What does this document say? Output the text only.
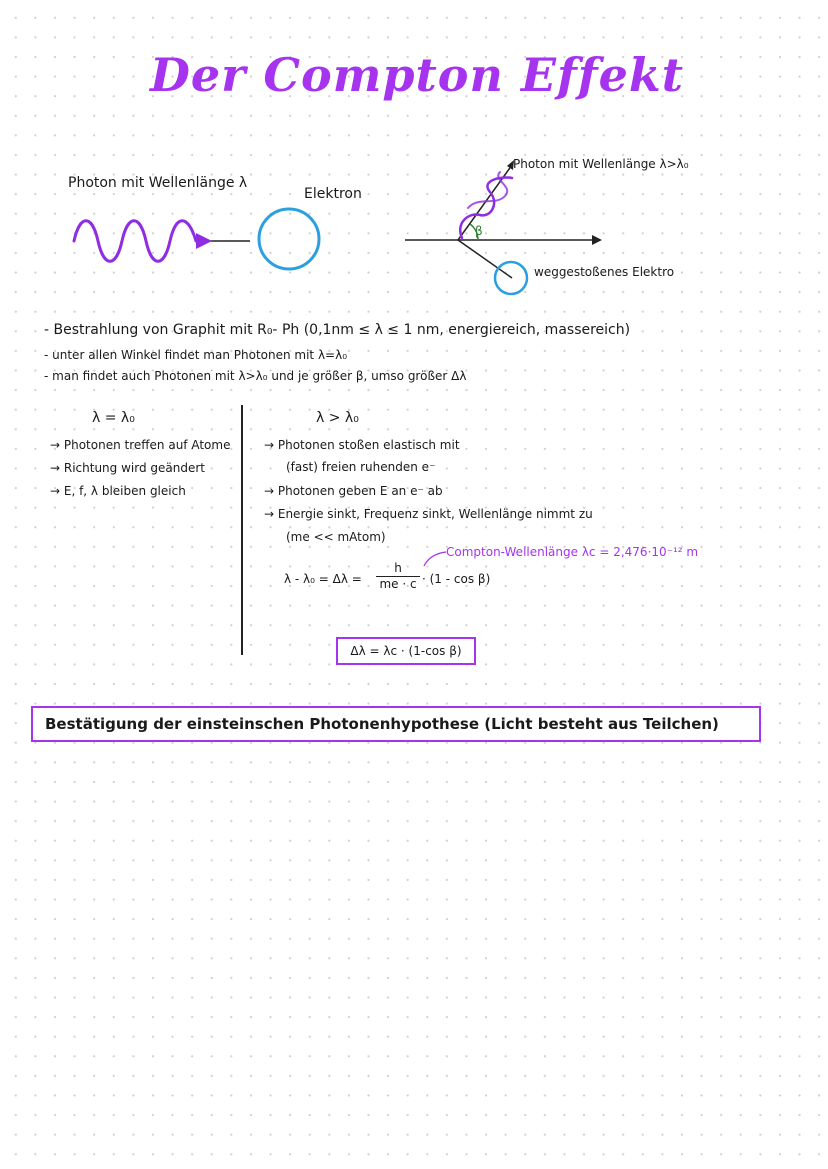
Der Compton Effekt
Photon mit Wellenlänge λ
Elektron
Photon mit Wellenlänge λ>λ₀
β
weggestoßenes Elektro
- Bestrahlung von Graphit mit R₀- Ph (0,1nm ≤ λ ≤ 1 nm, energiereich, massereich)
- unter allen Winkel findet man Photonen mit λ=λ₀
- man findet auch Photonen mit λ>λ₀ und je größer β, umso größer Δλ
λ = λ₀
→ Photonen treffen auf Atome
→ Richtung wird geändert
→ E, f, λ bleiben gleich
λ > λ₀
→ Photonen stoßen elastisch mit
(fast) freien ruhenden e⁻
→ Photonen geben E an e⁻ ab
→ Energie sinkt, Frequenz sinkt, Wellenlänge nimmt zu
(me << mAtom)
Compton-Wellenlänge λc = 2,476·10⁻¹² m
$\lambda - \lambda_0 = \Delta\lambda = \frac{h}{me \cdot c} \cdot (1 - \cos \beta)$
Δλ = λc · (1-cos β)
Bestätigung der einsteinschen Photonenhypothese (Licht besteht aus Teilchen)
